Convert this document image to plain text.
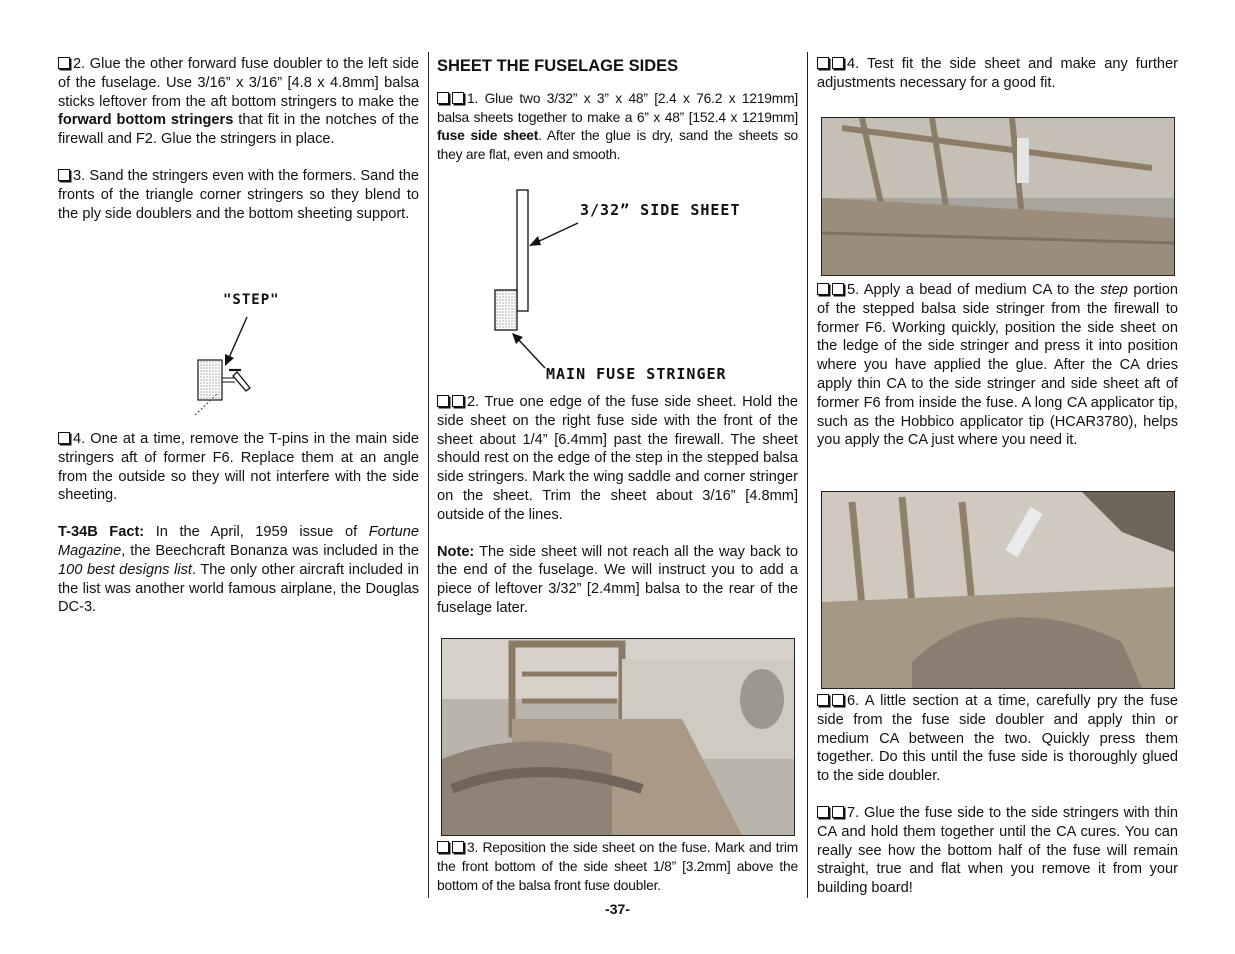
2. Glue the other forward fuse doubler to the left side of the fuselage. Use 3/16” x 3/16” [4.8 x 4.8mm] balsa sticks leftover from the aft bottom stringers to make the forward bottom stringers that fit in the notches of the firewall and F2. Glue the stringers in place.

3. Sand the stringers even with the formers. Sand the fronts of the triangle corner stringers so they blend to the ply side doublers and the bottom sheeting support.

"STEP"

4. One at a time, remove the T-pins in the main side stringers aft of former F6. Replace them at an angle from the outside so they will not interfere with the side sheeting.

T-34B Fact: In the April, 1959 issue of Fortune Magazine, the Beechcraft Bonanza was included in the 100 best designs list. The only other aircraft included in the list was another world famous airplane, the Douglas DC-3.

SHEET THE FUSELAGE SIDES

1. Glue two 3/32” x 3” x 48” [2.4 x 76.2 x 1219mm] balsa sheets together to make a 6” x 48” [152.4 x 1219mm] fuse side sheet. After the glue is dry, sand the sheets so they are flat, even and smooth.

3/32” SIDE SHEET
MAIN FUSE STRINGER

2. True one edge of the fuse side sheet. Hold the side sheet on the right fuse side with the front of the sheet about 1/4” [6.4mm] past the firewall. The sheet should rest on the edge of the step in the stepped balsa side stringers. Mark the wing saddle and corner stringer on the sheet. Trim the sheet about 3/16” [4.8mm] outside of the lines.

Note: The side sheet will not reach all the way back to the end of the fuselage. We will instruct you to add a piece of leftover 3/32” [2.4mm] balsa to the rear of the fuselage later.

3. Reposition the side sheet on the fuse. Mark and trim the front bottom of the side sheet 1/8” [3.2mm] above the bottom of the balsa front fuse doubler.

4. Test fit the side sheet and make any further adjustments necessary for a good fit.

5. Apply a bead of medium CA to the step portion of the stepped balsa side stringer from the firewall to former F6. Working quickly, position the side sheet on the ledge of the side stringer and press it into position where you have applied the glue. After the CA dries apply thin CA to the side stringer and side sheet aft of former F6 from inside the fuse. A long CA applicator tip, such as the Hobbico applicator tip (HCAR3780), helps you apply the CA just where you need it.

6. A little section at a time, carefully pry the fuse side from the fuse side doubler and apply thin or medium CA between the two. Quickly press them together. Do this until the fuse side is thoroughly glued to the side doubler.

7. Glue the fuse side to the side stringers with thin CA and hold them together until the CA cures. You can really see how the bottom half of the fuse will remain straight, true and flat when you remove it from your building board!

-37-
